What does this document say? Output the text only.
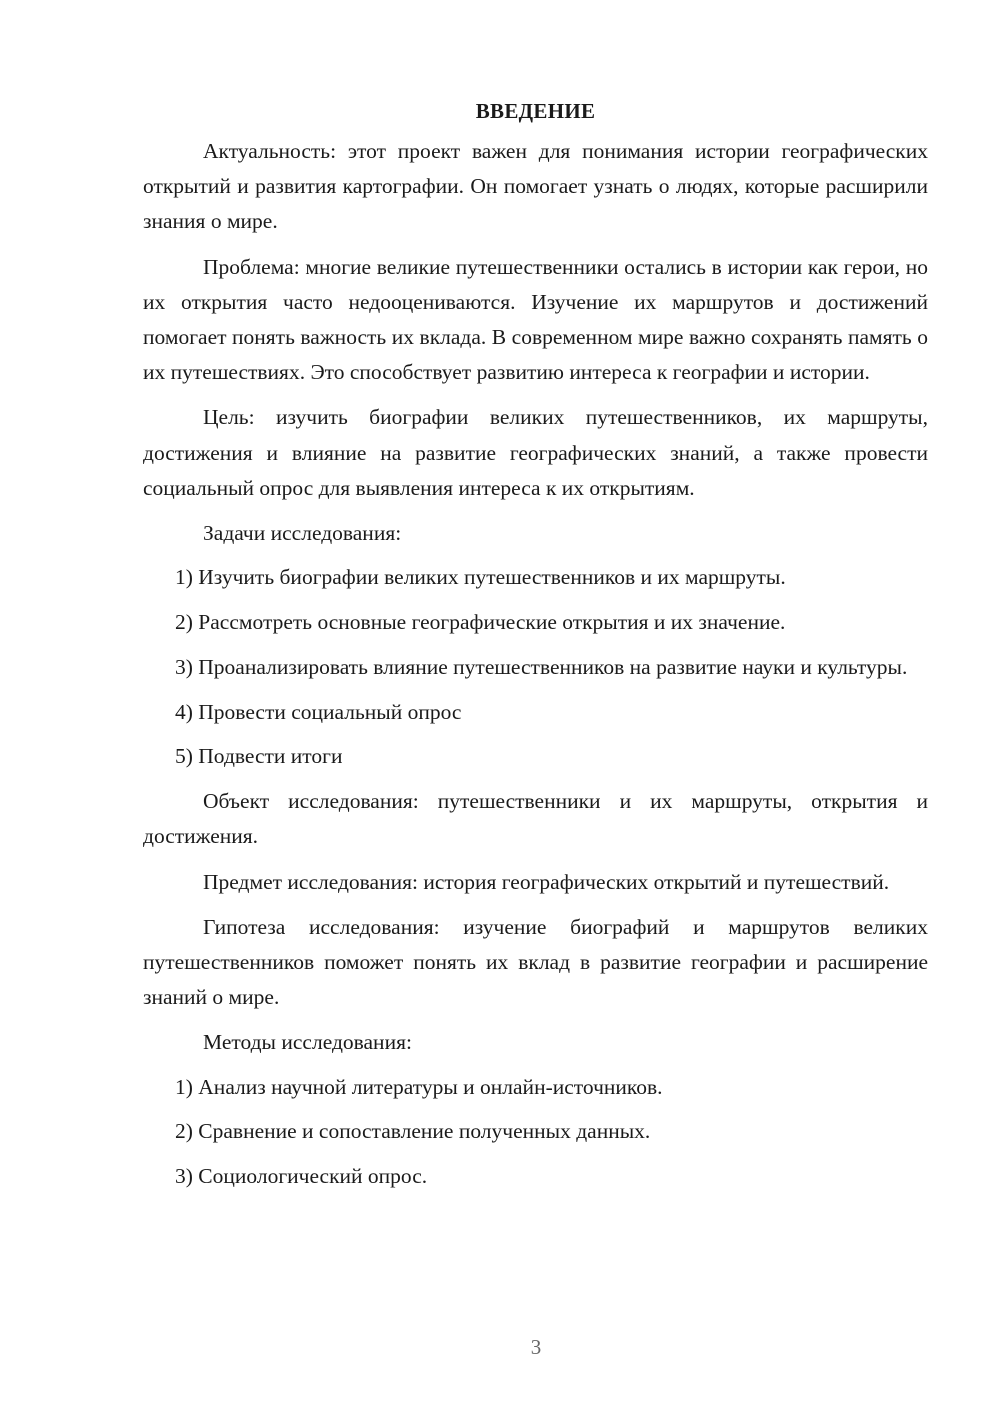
ВВЕДЕНИЕ

Актуальность: этот проект важен для понимания истории географических открытий и развития картографии. Он помогает узнать о людях, которые расширили знания о мире.

Проблема: многие великие путешественники остались в истории как герои, но их открытия часто недооцениваются. Изучение их маршрутов и достижений помогает понять важность их вклада. В современном мире важно сохранять память о их путешествиях. Это способствует развитию интереса к географии и истории.

Цель: изучить биографии великих путешественников, их маршруты, достижения и влияние на развитие географических знаний, а также провести социальный опрос для выявления интереса к их открытиям.

Задачи исследования:

1) Изучить биографии великих путешественников и их маршруты.
2) Рассмотреть основные географические открытия и их значение.
3) Проанализировать влияние путешественников на развитие науки и культуры.
4) Провести социальный опрос
5) Подвести итоги

Объект исследования: путешественники и их маршруты, открытия и достижения.

Предмет исследования: история географических открытий и путешествий.

Гипотеза исследования: изучение биографий и маршрутов великих путешественников поможет понять их вклад в развитие географии и расширение знаний о мире.

Методы исследования:

1) Анализ научной литературы и онлайн-источников.
2) Сравнение и сопоставление полученных данных.
3) Социологический опрос.
3
